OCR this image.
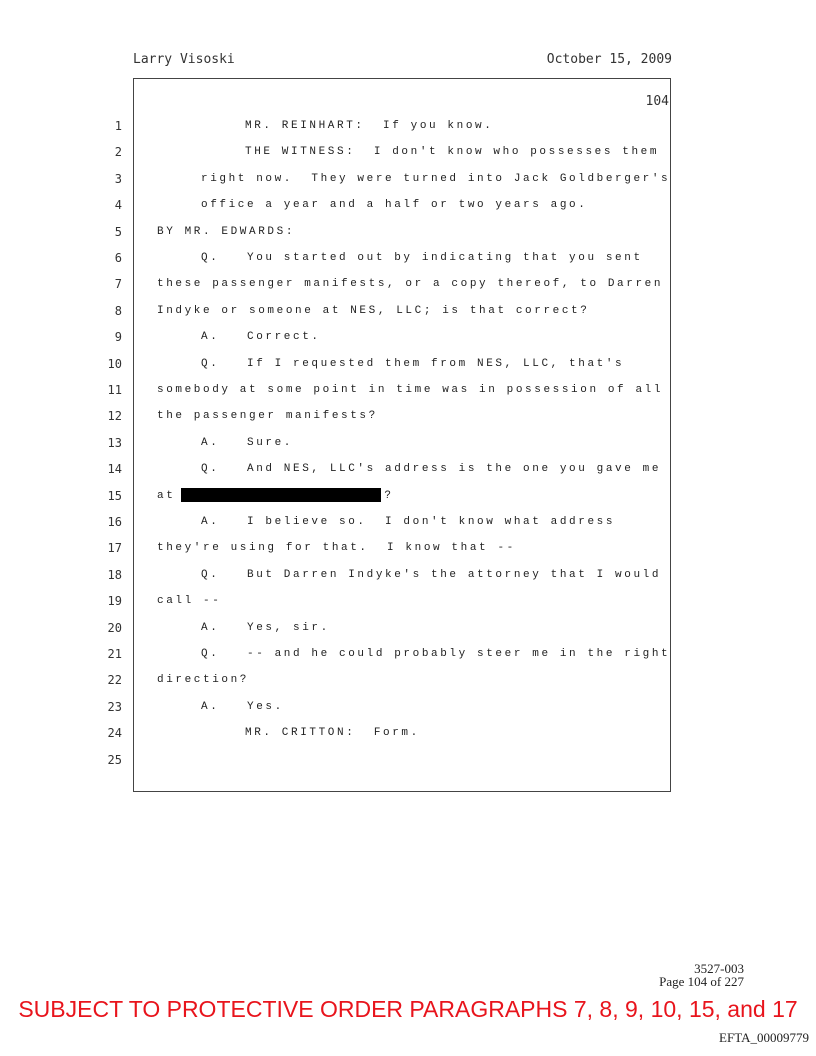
Larry Visoski	October 15, 2009
104
1	MR. REINHART:  If you know.
2	THE WITNESS:  I don't know who possesses them
3	right now.  They were turned into Jack Goldberger's
4	office a year and a half or two years ago.
5	BY MR. EDWARDS:
6	Q.   You started out by indicating that you sent
7	these passenger manifests, or a copy thereof, to Darren
8	Indyke or someone at NES, LLC; is that correct?
9	A.   Correct.
10	Q.   If I requested them from NES, LLC, that's
11	somebody at some point in time was in possession of all
12	the passenger manifests?
13	A.   Sure.
14	Q.   And NES, LLC's address is the one you gave me
15	at	?
16	A.   I believe so.  I don't know what address
17	they're using for that.  I know that --
18	Q.   But Darren Indyke's the attorney that I would
19	call --
20	A.   Yes, sir.
21	Q.   -- and he could probably steer me in the right
22	direction?
23	A.   Yes.
24	MR. CRITTON:  Form.
25
3527-003
Page 104 of 227
SUBJECT TO PROTECTIVE ORDER PARAGRAPHS 7, 8, 9, 10, 15, and 17
EFTA_00009779
